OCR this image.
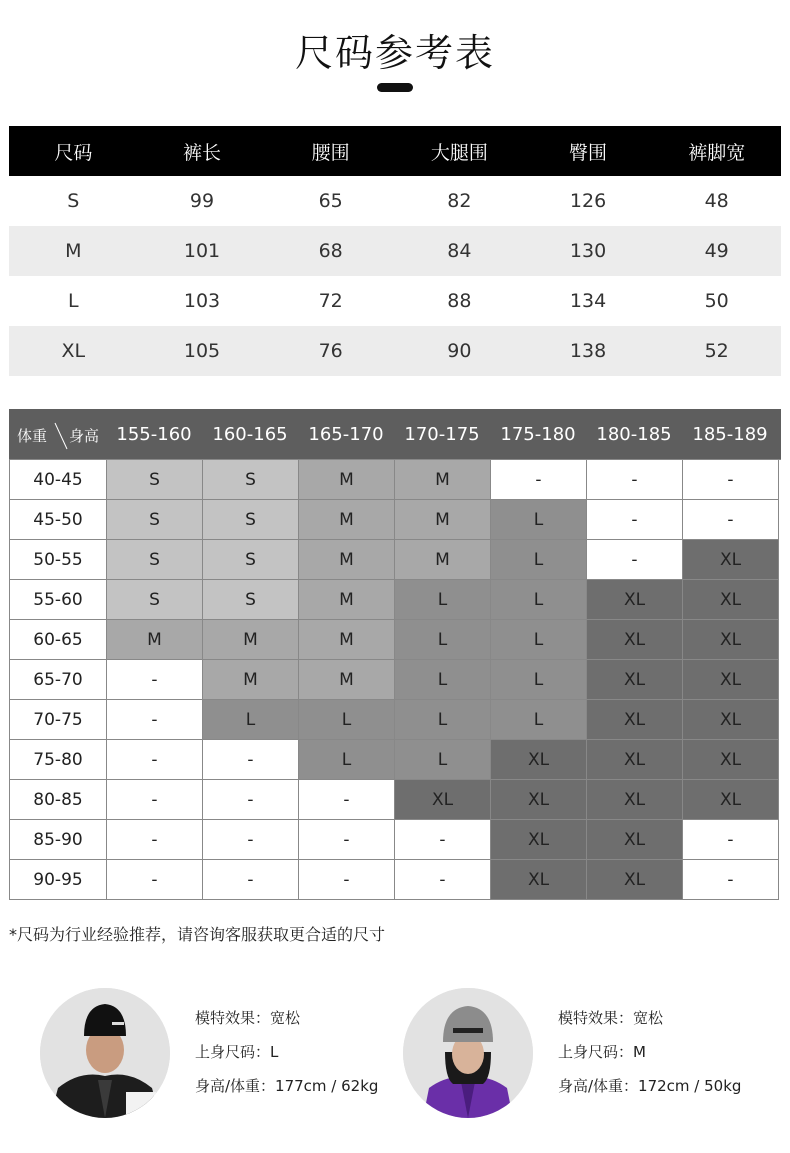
尺码参考表
尺码	裤长	腰围	大腿围	臀围	裤脚宽
S	99	65	82	126	48
M	101	68	84	130	49
L	103	72	88	134	50
XL	105	76	90	138	52
体重 身高 155-160	160-165	165-170	170-175	175-180	180-185	185-189
40-45	S	S	M	M	-	-	-
45-50	S	S	M	M	L	-	-
50-55	S	S	M	M	L	-	XL
55-60	S	S	M	L	L	XL	XL
60-65	M	M	M	L	L	XL	XL
65-70	-	M	M	L	L	XL	XL
70-75	-	L	L	L	L	XL	XL
75-80	-	-	L	L	XL	XL	XL
80-85	-	-	-	XL	XL	XL	XL
85-90	-	-	-	-	XL	XL	-
90-95	-	-	-	-	XL	XL	-
*尺码为行业经验推荐，请咨询客服获取更合适的尺寸
模特效果：宽松
上身尺码：L
身高/体重：177cm / 62kg
模特效果：宽松
上身尺码：M
身高/体重：172cm / 50kg
